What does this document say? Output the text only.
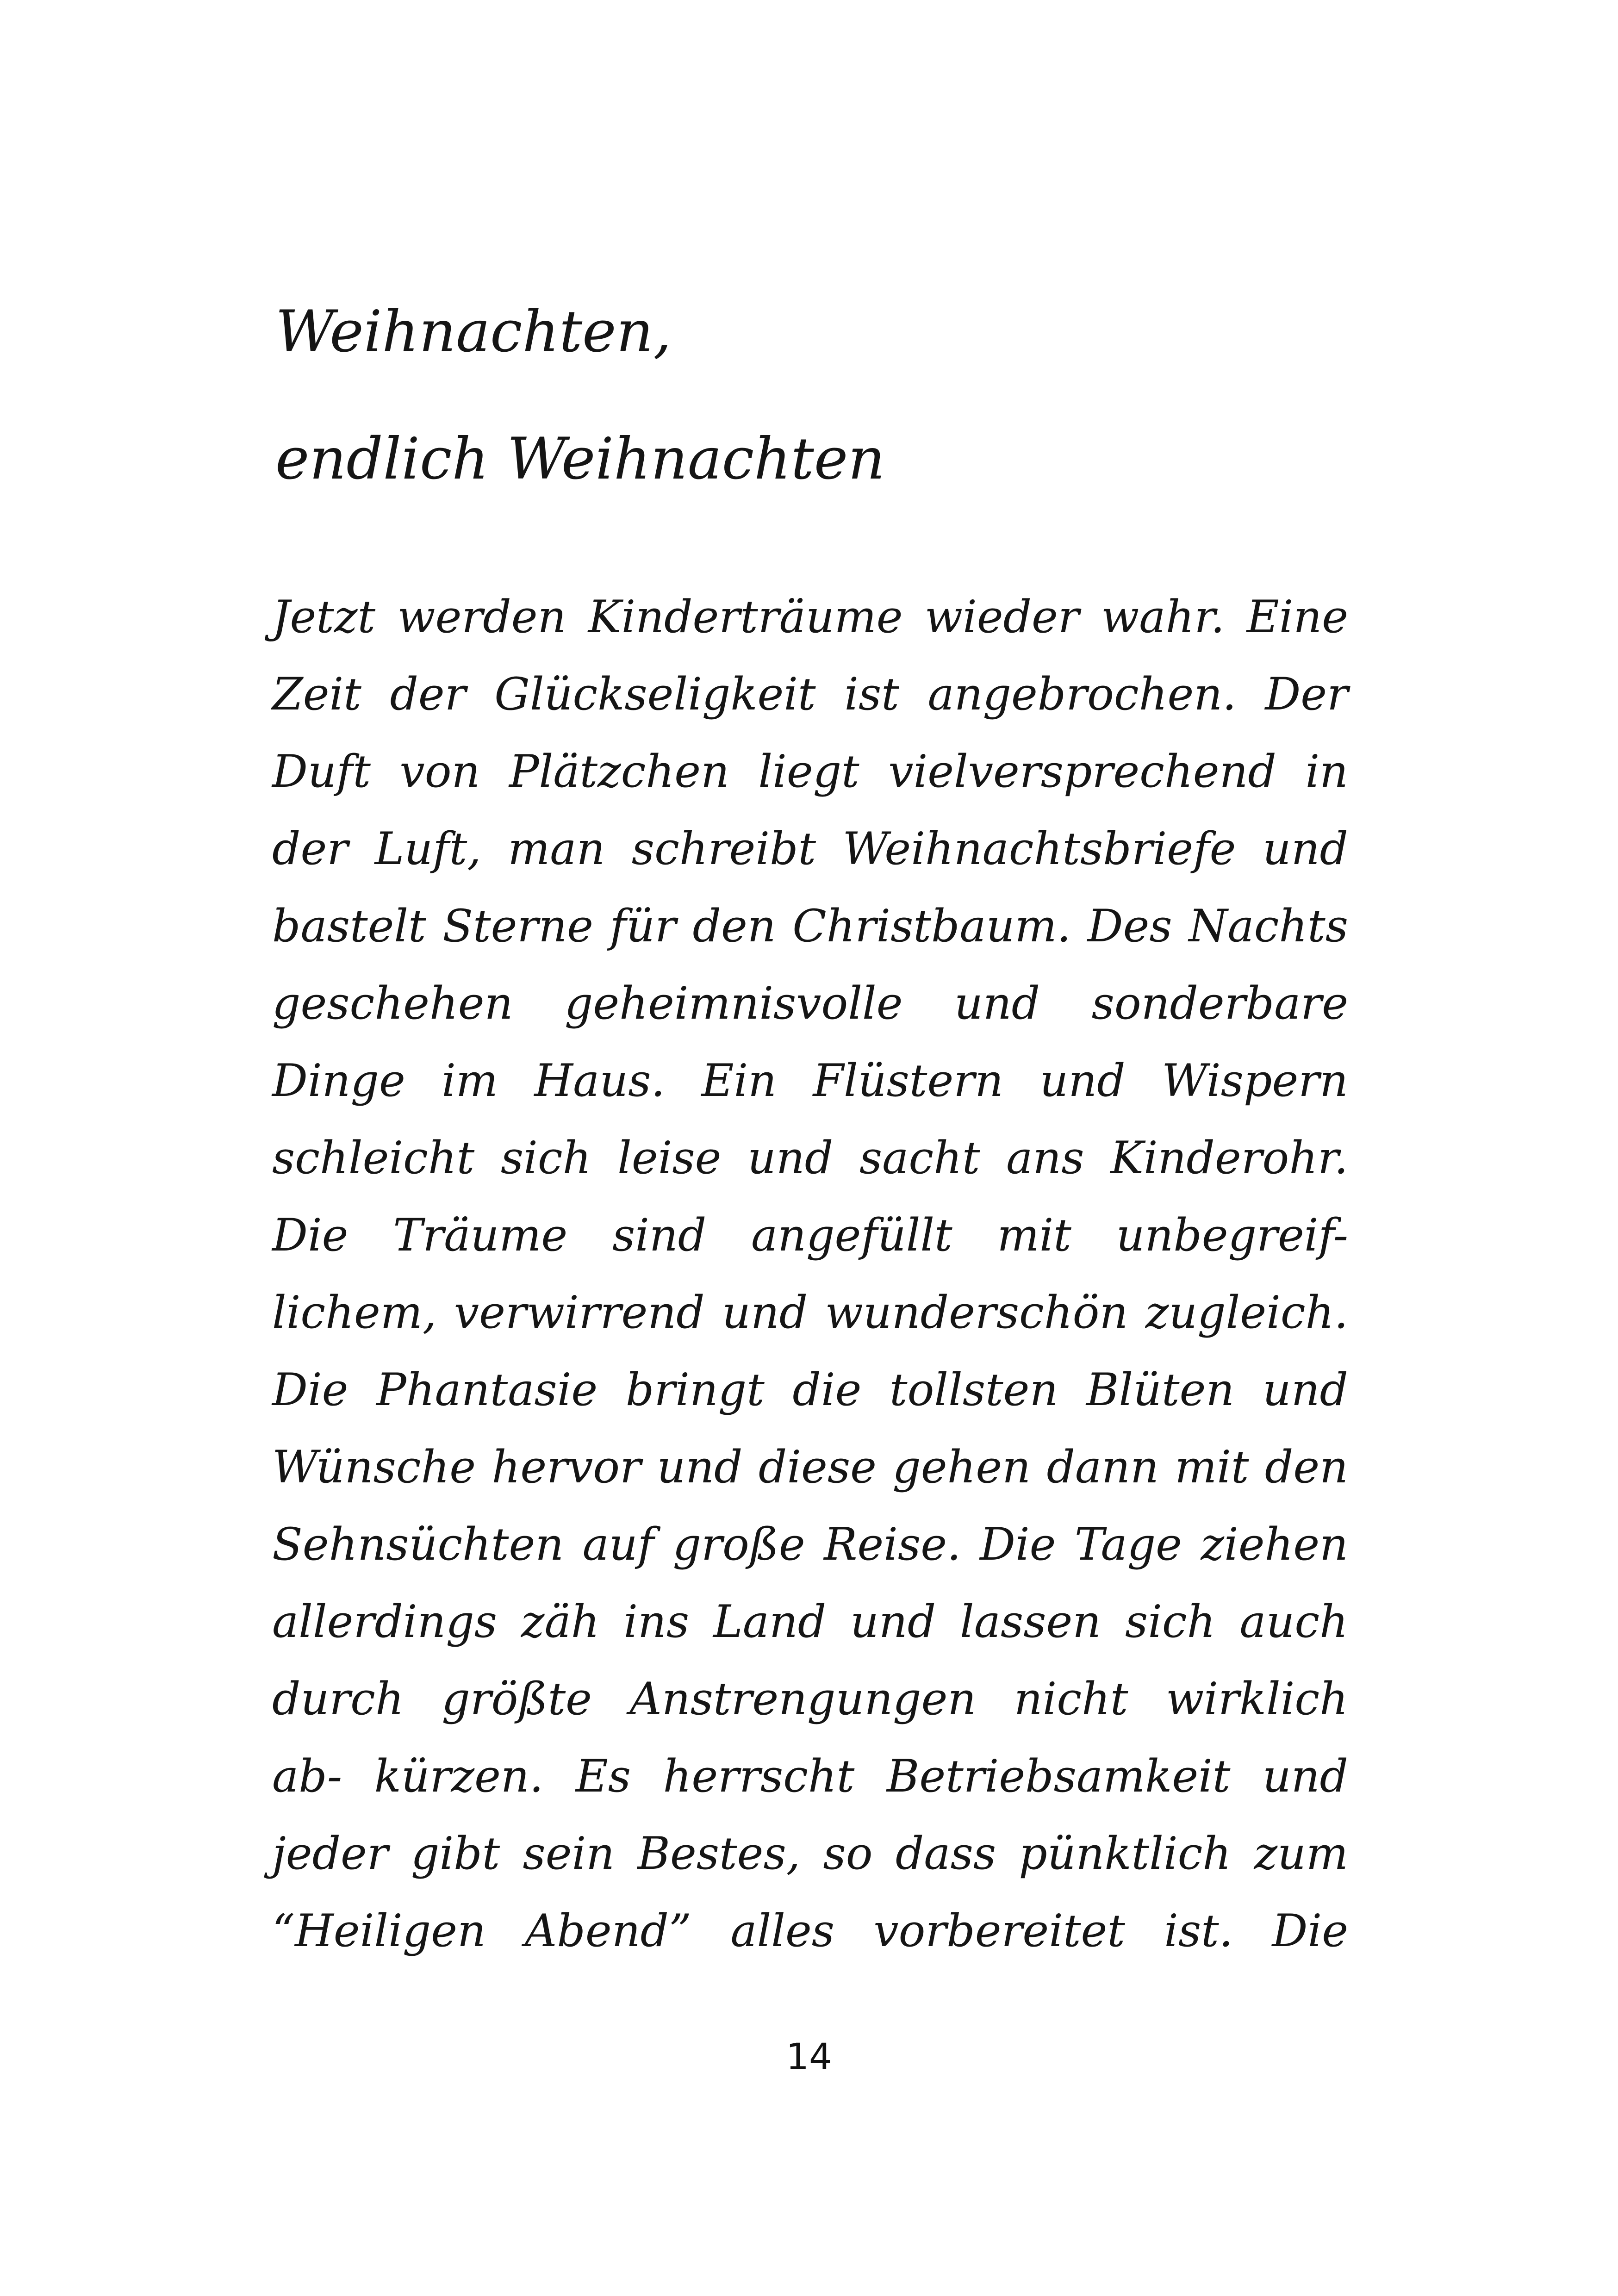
Weihnachten,
endlich Weihnachten
Jetzt werden Kinderträume wieder wahr. Eine
Zeit der Glückseligkeit ist angebrochen. Der
Duft von Plätzchen liegt vielversprechend in
der Luft, man schreibt Weihnachtsbriefe und
bastelt Sterne für den Christbaum. Des Nachts
geschehen geheimnisvolle und sonderbare
Dinge im Haus. Ein Flüstern und Wispern
schleicht sich leise und sacht ans Kinderohr.
Die Träume sind angefüllt mit unbegreif-
lichem, verwirrend und wunderschön zugleich.
Die Phantasie bringt die tollsten Blüten und
Wünsche hervor und diese gehen dann mit den
Sehnsüchten auf große Reise. Die Tage ziehen
allerdings zäh ins Land und lassen sich auch
durch größte Anstrengungen nicht wirklich
ab- kürzen. Es herrscht Betriebsamkeit und
jeder gibt sein Bestes, so dass pünktlich zum
“Heiligen Abend” alles vorbereitet ist. Die
14
